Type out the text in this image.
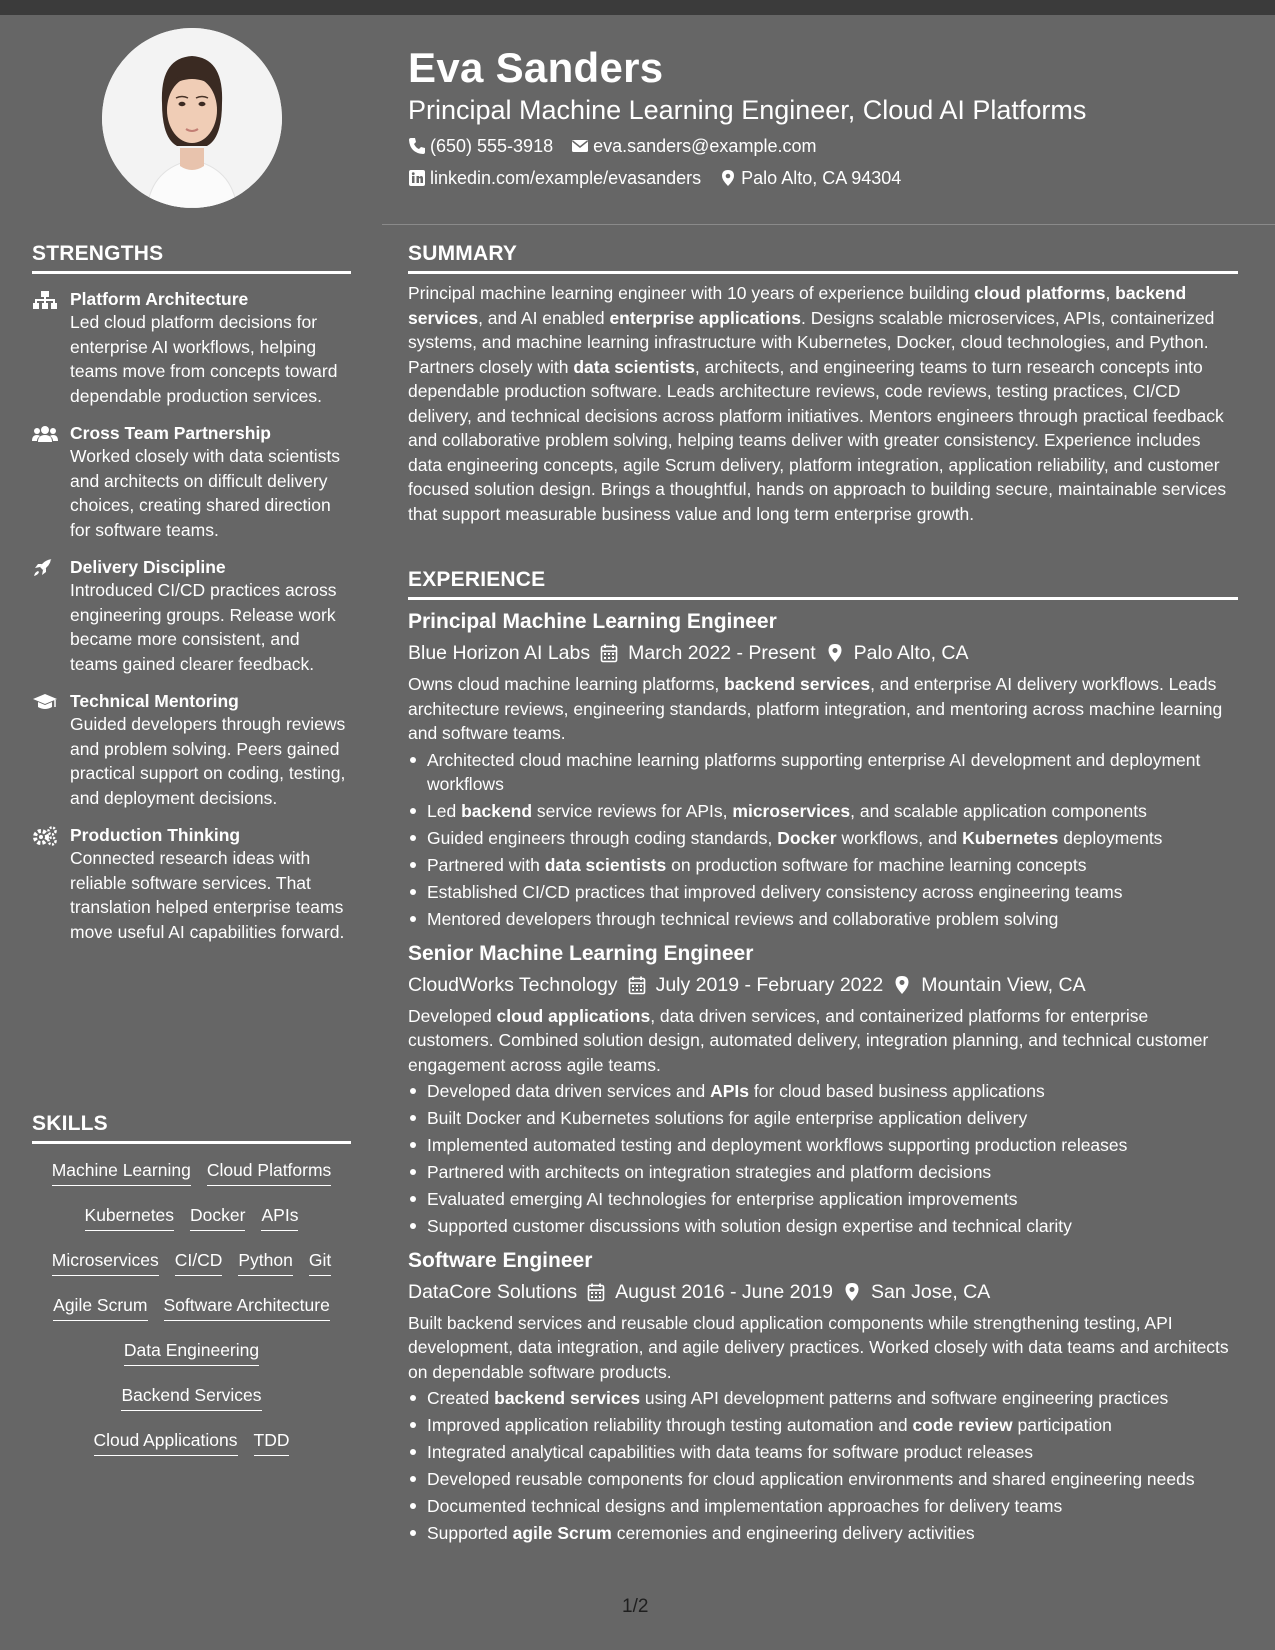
STRENGTHS
Platform Architecture
Led cloud platform decisions for enterprise AI workflows, helping teams move from concepts toward dependable production services.
Cross Team Partnership
Worked closely with data scientists and architects on difficult delivery choices, creating shared direction for software teams.
Delivery Discipline
Introduced CI/CD practices across engineering groups. Release work became more consistent, and teams gained clearer feedback.
Technical Mentoring
Guided developers through reviews and problem solving. Peers gained practical support on coding, testing, and deployment decisions.
Production Thinking
Connected research ideas with reliable software services. That translation helped enterprise teams move useful AI capabilities forward.
SKILLS
Machine Learning Cloud Platforms
Kubernetes Docker APIs
Microservices CI/CD Python Git
Agile Scrum Software Architecture
Data Engineering
Backend Services
Cloud Applications TDD
Eva Sanders
Principal Machine Learning Engineer, Cloud AI Platforms
(650) 555-3918 eva.sanders@example.com
linkedin.com/example/evasanders Palo Alto, CA 94304
SUMMARY

Principal machine learning engineer with 10 years of experience building cloud platforms, backend services, and AI enabled enterprise applications. Designs scalable microservices, APIs, containerized systems, and machine learning infrastructure with Kubernetes, Docker, cloud technologies, and Python. Partners closely with data scientists, architects, and engineering teams to turn research concepts into dependable production software. Leads architecture reviews, code reviews, testing practices, CI/CD delivery, and technical decisions across platform initiatives. Mentors engineers through practical feedback and collaborative problem solving, helping teams deliver with greater consistency. Experience includes data engineering concepts, agile Scrum delivery, platform integration, application reliability, and customer focused solution design. Brings a thoughtful, hands on approach to building secure, maintainable services that support measurable business value and long term enterprise growth.

EXPERIENCE
Principal Machine Learning Engineer
Blue Horizon AI Labs March 2022 - Present Palo Alto, CA
Owns cloud machine learning platforms, backend services, and enterprise AI delivery workflows. Leads architecture reviews, engineering standards, platform integration, and mentoring across machine learning and software teams.
Architected cloud machine learning platforms supporting enterprise AI development and deployment workflows
Led backend service reviews for APIs, microservices, and scalable application components
Guided engineers through coding standards, Docker workflows, and Kubernetes deployments
Partnered with data scientists on production software for machine learning concepts
Established CI/CD practices that improved delivery consistency across engineering teams
Mentored developers through technical reviews and collaborative problem solving
Senior Machine Learning Engineer
CloudWorks Technology July 2019 - February 2022 Mountain View, CA
Developed cloud applications, data driven services, and containerized platforms for enterprise customers. Combined solution design, automated delivery, integration planning, and technical customer engagement across agile teams.
Developed data driven services and APIs for cloud based business applications
Built Docker and Kubernetes solutions for agile enterprise application delivery
Implemented automated testing and deployment workflows supporting production releases
Partnered with architects on integration strategies and platform decisions
Evaluated emerging AI technologies for enterprise application improvements
Supported customer discussions with solution design expertise and technical clarity
Software Engineer
DataCore Solutions August 2016 - June 2019 San Jose, CA
Built backend services and reusable cloud application components while strengthening testing, API development, data integration, and agile delivery practices. Worked closely with data teams and architects on dependable software products.
Created backend services using API development patterns and software engineering practices
Improved application reliability through testing automation and code review participation
Integrated analytical capabilities with data teams for software product releases
Developed reusable components for cloud application environments and shared engineering needs
Documented technical designs and implementation approaches for delivery teams
Supported agile Scrum ceremonies and engineering delivery activities
1/2
